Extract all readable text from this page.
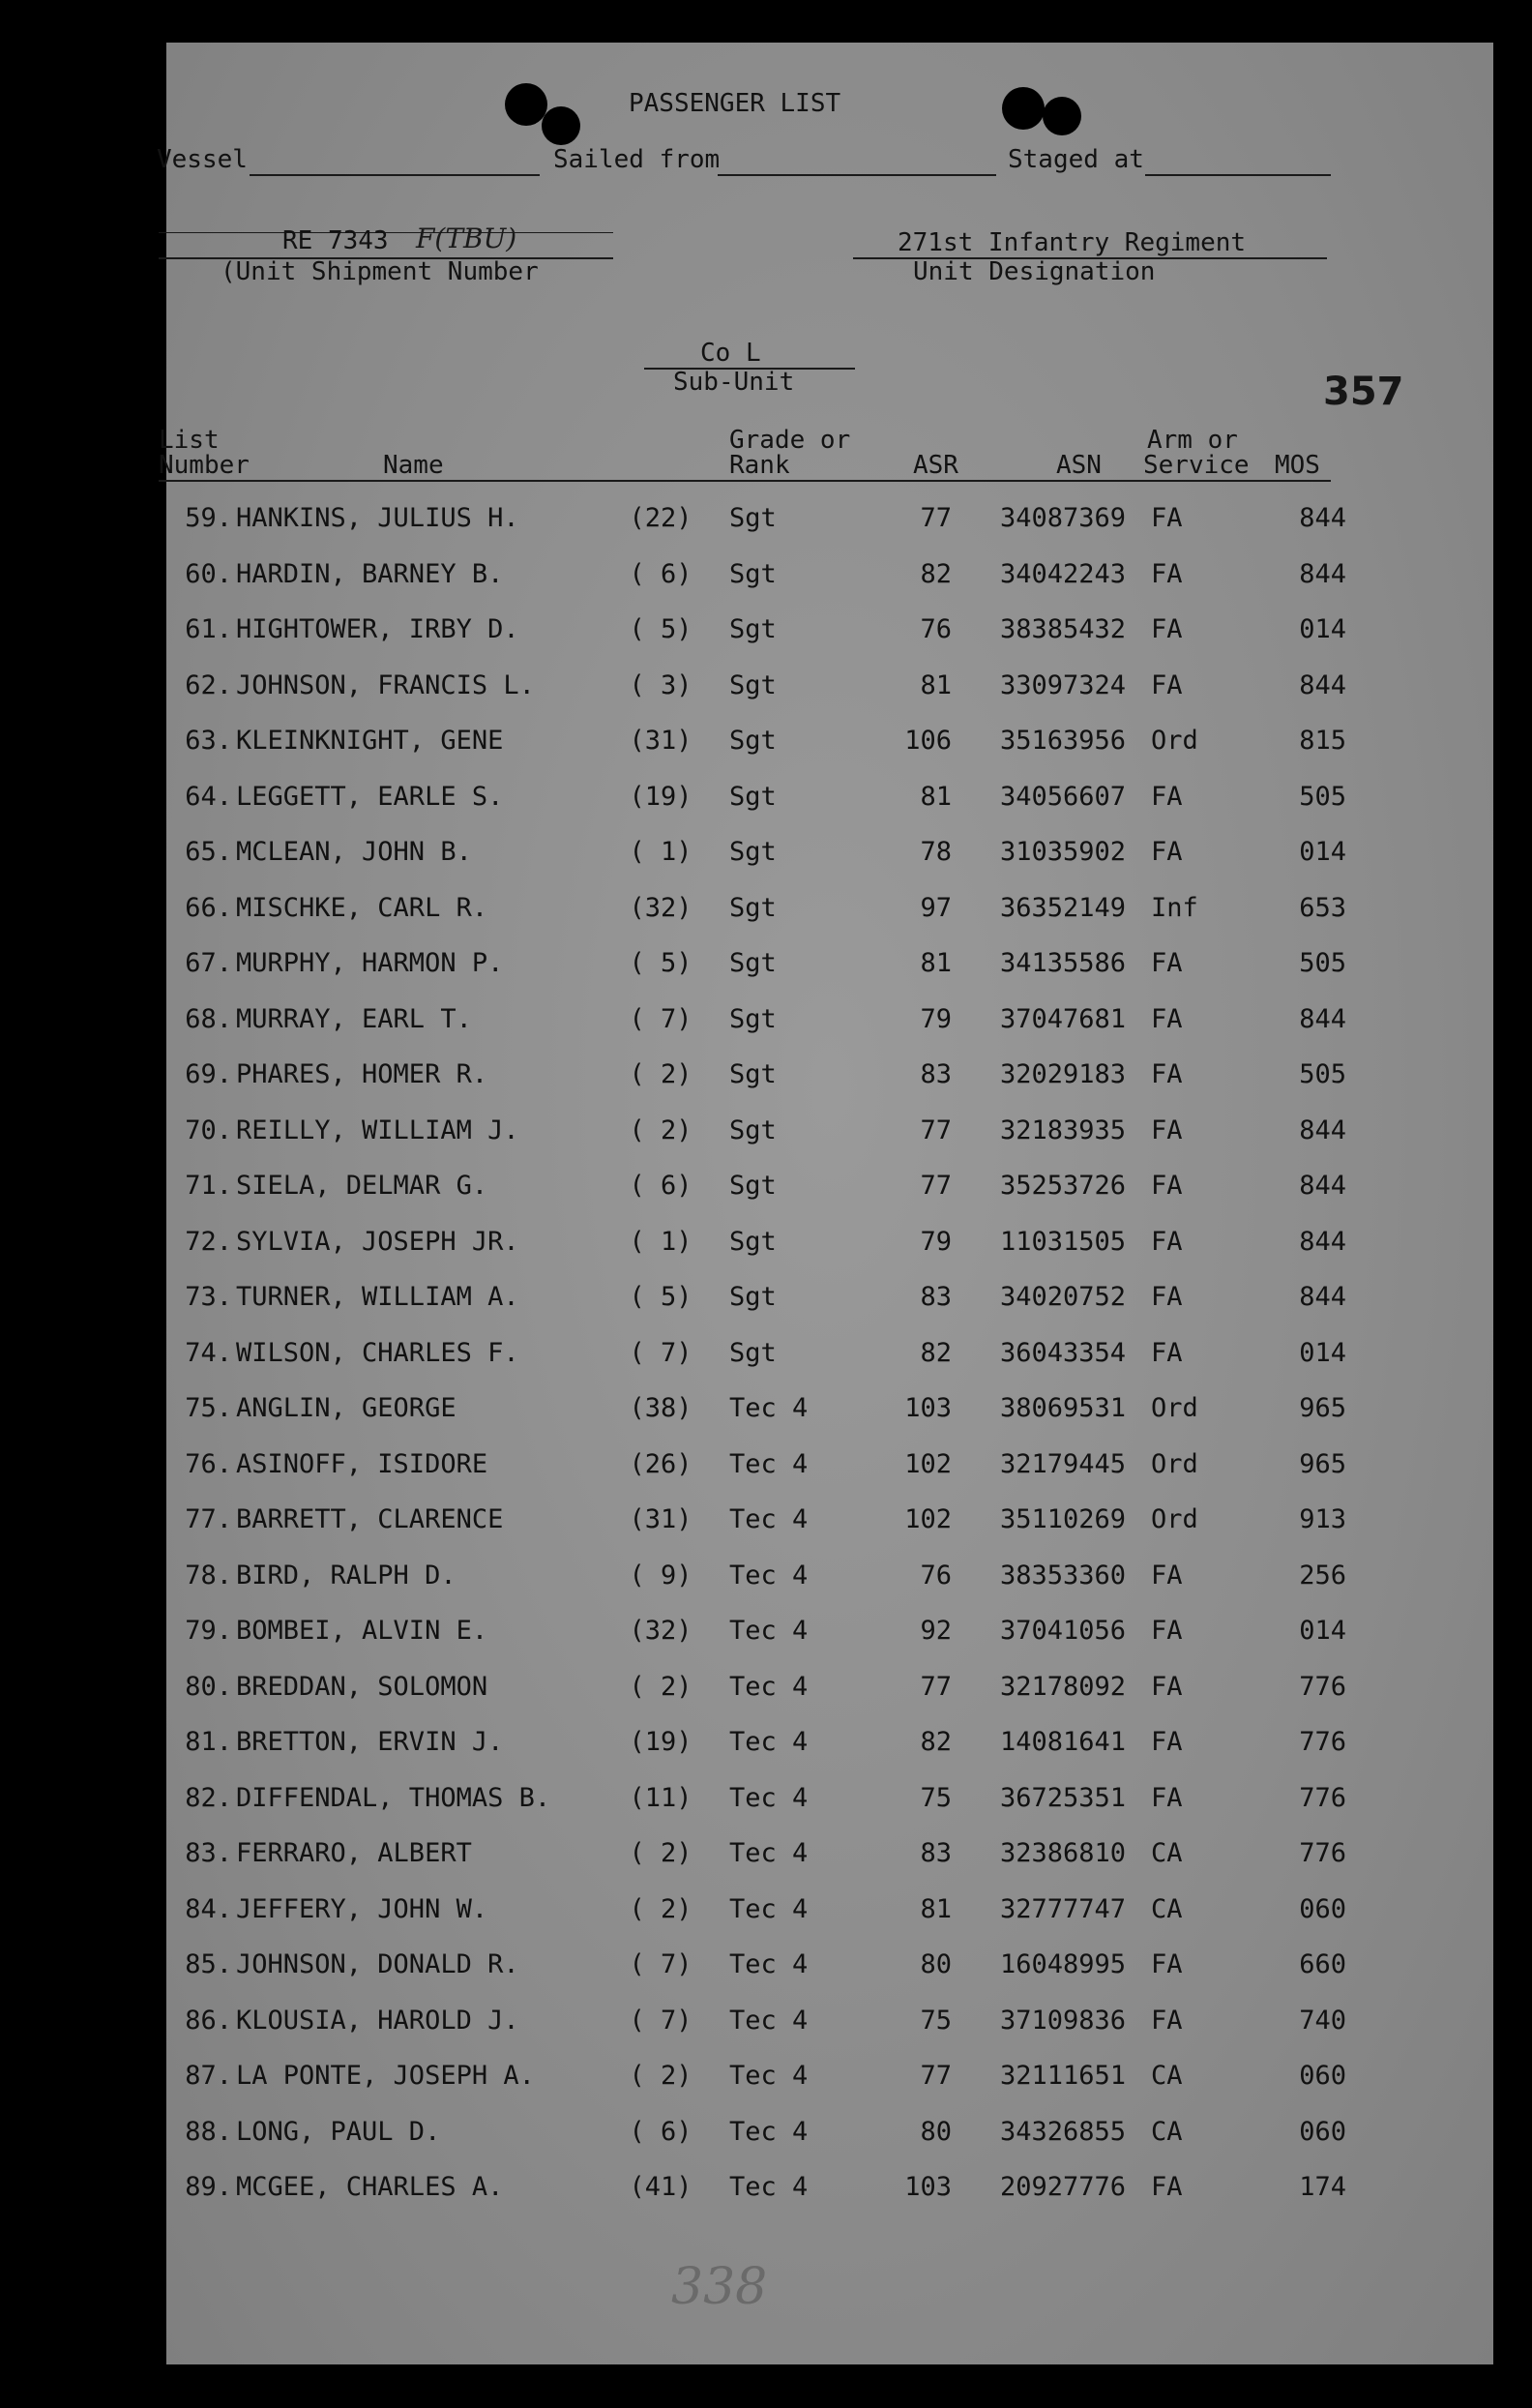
PASSENGER LIST
Vessel	Sailed from	Staged at
RE 7343 F(TBU)
(Unit Shipment Number
271st Infantry Regiment
Unit Designation
Co L
Sub-Unit	357
List
Number	Name
Grade or
Rank	ASR	ASN
Arm or
Service MOS
59. HANKINS, JULIUS H.	(22) Sgt	77 34087369 FA	844
60. HARDIN, BARNEY B.	( 6) Sgt	82 34042243 FA	844
61. HIGHTOWER, IRBY D.	( 5) Sgt	76 38385432 FA	014
62. JOHNSON, FRANCIS L.	( 3) Sgt	81 33097324 FA	844
63. KLEINKNIGHT, GENE	(31) Sgt	106 35163956 Ord	815
64. LEGGETT, EARLE S.	(19) Sgt	81 34056607 FA	505
65. MCLEAN, JOHN B.	( 1) Sgt	78 31035902 FA	014
66. MISCHKE, CARL R.	(32) Sgt	97 36352149 Inf	653
67. MURPHY, HARMON P.	( 5) Sgt	81 34135586 FA	505
68. MURRAY, EARL T.	( 7) Sgt	79 37047681 FA	844
69. PHARES, HOMER R.	( 2) Sgt	83 32029183 FA	505
70. REILLY, WILLIAM J.	( 2) Sgt	77 32183935 FA	844
71. SIELA, DELMAR G.	( 6) Sgt	77 35253726 FA	844
72. SYLVIA, JOSEPH JR.	( 1) Sgt	79 11031505 FA	844
73. TURNER, WILLIAM A.	( 5) Sgt	83 34020752 FA	844
74. WILSON, CHARLES F.	( 7) Sgt	82 36043354 FA	014
75. ANGLIN, GEORGE	(38) Tec 4	103 38069531 Ord	965
76. ASINOFF, ISIDORE	(26) Tec 4	102 32179445 Ord	965
77. BARRETT, CLARENCE	(31) Tec 4	102 35110269 Ord	913
78. BIRD, RALPH D.	( 9) Tec 4	76 38353360 FA	256
79. BOMBEI, ALVIN E.	(32) Tec 4	92 37041056 FA	014
80. BREDDAN, SOLOMON	( 2) Tec 4	77 32178092 FA	776
81. BRETTON, ERVIN J.	(19) Tec 4	82 14081641 FA	776
82. DIFFENDAL, THOMAS B.	(11) Tec 4	75 36725351 FA	776
83. FERRARO, ALBERT	( 2) Tec 4	83 32386810 CA	776
84. JEFFERY, JOHN W.	( 2) Tec 4	81 32777747 CA	060
85. JOHNSON, DONALD R.	( 7) Tec 4	80 16048995 FA	660
86. KLOUSIA, HAROLD J.	( 7) Tec 4	75 37109836 FA	740
87. LA PONTE, JOSEPH A.	( 2) Tec 4	77 32111651 CA	060
88. LONG, PAUL D.	( 6) Tec 4	80 34326855 CA	060
89. MCGEE, CHARLES A.	(41) Tec 4	103 20927776 FA	174
338
